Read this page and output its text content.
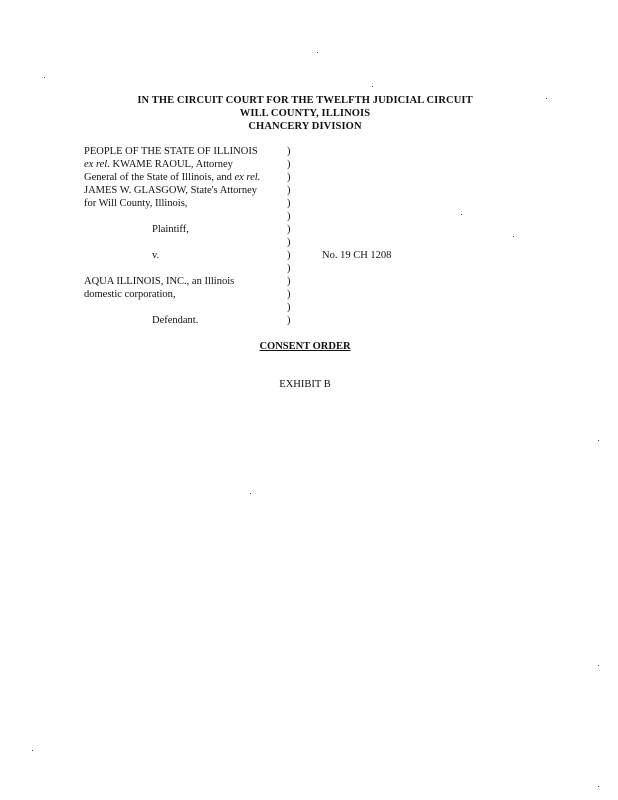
IN THE CIRCUIT COURT FOR THE TWELFTH JUDICIAL CIRCUIT
WILL COUNTY, ILLINOIS
CHANCERY DIVISION
PEOPLE OF THE STATE OF ILLINOIS
ex rel. KWAME RAOUL, Attorney
General of the State of Illinois, and ex rel.
JAMES W. GLASGOW, State's Attorney
for Will County, Illinois,
Plaintiff,
v.
AQUA ILLINOIS, INC., an Illinois
domestic corporation,
Defendant.
)
)
)
)
)
)
)
)
)
)
)
)
)
)
No. 19 CH 1208
CONSENT ORDER
EXHIBIT B
